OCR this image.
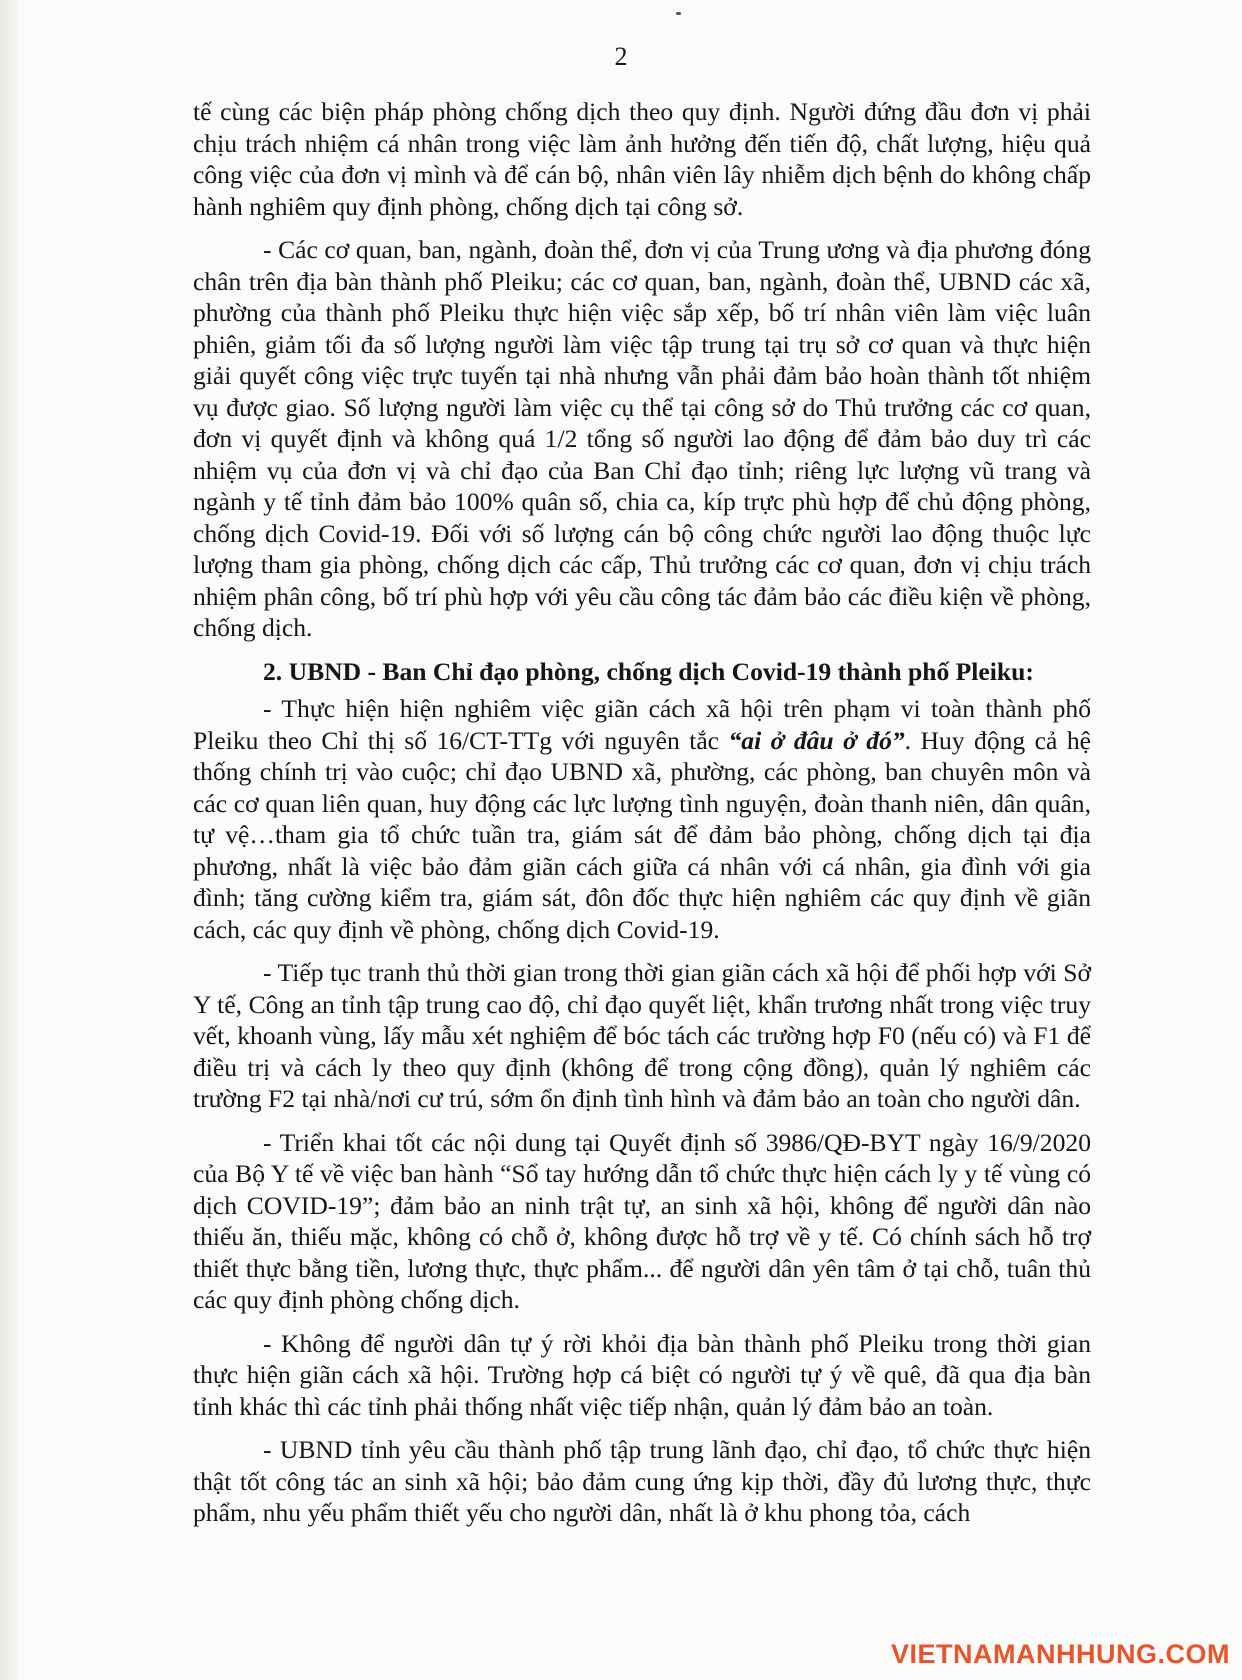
2

tế cùng các biện pháp phòng chống dịch theo quy định. Người đứng đầu đơn vị phải chịu trách nhiệm cá nhân trong việc làm ảnh hưởng đến tiến độ, chất lượng, hiệu quả công việc của đơn vị mình và để cán bộ, nhân viên lây nhiễm dịch bệnh do không chấp hành nghiêm quy định phòng, chống dịch tại công sở.

- Các cơ quan, ban, ngành, đoàn thể, đơn vị của Trung ương và địa phương đóng chân trên địa bàn thành phố Pleiku; các cơ quan, ban, ngành, đoàn thể, UBND các xã, phường của thành phố Pleiku thực hiện việc sắp xếp, bố trí nhân viên làm việc luân phiên, giảm tối đa số lượng người làm việc tập trung tại trụ sở cơ quan và thực hiện giải quyết công việc trực tuyến tại nhà nhưng vẫn phải đảm bảo hoàn thành tốt nhiệm vụ được giao. Số lượng người làm việc cụ thể tại công sở do Thủ trưởng các cơ quan, đơn vị quyết định và không quá 1/2 tổng số người lao động để đảm bảo duy trì các nhiệm vụ của đơn vị và chỉ đạo của Ban Chỉ đạo tỉnh; riêng lực lượng vũ trang và ngành y tế tỉnh đảm bảo 100% quân số, chia ca, kíp trực phù hợp để chủ động phòng, chống dịch Covid-19. Đối với số lượng cán bộ công chức người lao động thuộc lực lượng tham gia phòng, chống dịch các cấp, Thủ trưởng các cơ quan, đơn vị chịu trách nhiệm phân công, bố trí phù hợp với yêu cầu công tác đảm bảo các điều kiện về phòng, chống dịch.

2. UBND - Ban Chỉ đạo phòng, chống dịch Covid-19 thành phố Pleiku:

- Thực hiện hiện nghiêm việc giãn cách xã hội trên phạm vi toàn thành phố Pleiku theo Chỉ thị số 16/CT-TTg với nguyên tắc “ai ở đâu ở đó”. Huy động cả hệ thống chính trị vào cuộc; chỉ đạo UBND xã, phường, các phòng, ban chuyên môn và các cơ quan liên quan, huy động các lực lượng tình nguyện, đoàn thanh niên, dân quân, tự vệ…tham gia tổ chức tuần tra, giám sát để đảm bảo phòng, chống dịch tại địa phương, nhất là việc bảo đảm giãn cách giữa cá nhân với cá nhân, gia đình với gia đình; tăng cường kiểm tra, giám sát, đôn đốc thực hiện nghiêm các quy định về giãn cách, các quy định về phòng, chống dịch Covid-19.

- Tiếp tục tranh thủ thời gian trong thời gian giãn cách xã hội để phối hợp với Sở Y tế, Công an tỉnh tập trung cao độ, chỉ đạo quyết liệt, khẩn trương nhất trong việc truy vết, khoanh vùng, lấy mẫu xét nghiệm để bóc tách các trường hợp F0 (nếu có) và F1 để điều trị và cách ly theo quy định (không để trong cộng đồng), quản lý nghiêm các trường F2 tại nhà/nơi cư trú, sớm ổn định tình hình và đảm bảo an toàn cho người dân.

- Triển khai tốt các nội dung tại Quyết định số 3986/QĐ-BYT ngày 16/9/2020 của Bộ Y tế về việc ban hành “Sổ tay hướng dẫn tổ chức thực hiện cách ly y tế vùng có dịch COVID-19”; đảm bảo an ninh trật tự, an sinh xã hội, không để người dân nào thiếu ăn, thiếu mặc, không có chỗ ở, không được hỗ trợ về y tế. Có chính sách hỗ trợ thiết thực bằng tiền, lương thực, thực phẩm... để người dân yên tâm ở tại chỗ, tuân thủ các quy định phòng chống dịch.

- Không để người dân tự ý rời khỏi địa bàn thành phố Pleiku trong thời gian thực hiện giãn cách xã hội. Trường hợp cá biệt có người tự ý về quê, đã qua địa bàn tỉnh khác thì các tỉnh phải thống nhất việc tiếp nhận, quản lý đảm bảo an toàn.

- UBND tỉnh yêu cầu thành phố tập trung lãnh đạo, chỉ đạo, tổ chức thực hiện thật tốt công tác an sinh xã hội; bảo đảm cung ứng kịp thời, đầy đủ lương thực, thực phẩm, nhu yếu phẩm thiết yếu cho người dân, nhất là ở khu phong tỏa, cách

VIETNAMANHHUNG.COM
